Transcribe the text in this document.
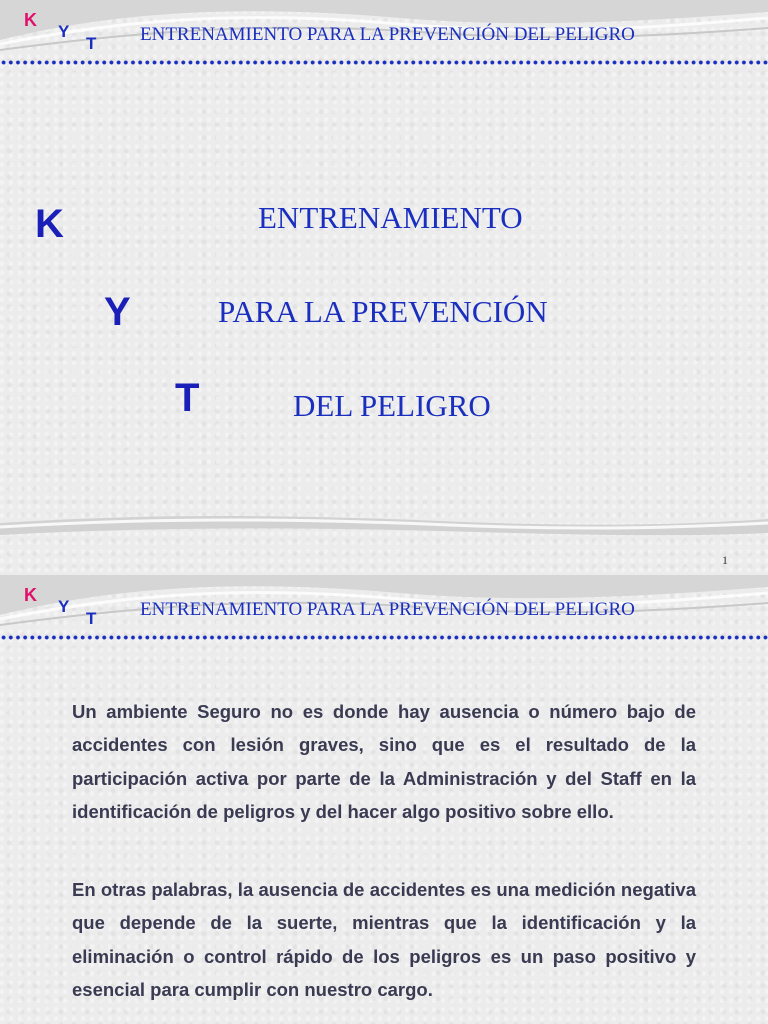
K
Y
T ENTRENAMIENTO PARA LA PREVENCIÓN DEL PELIGRO
K
Y
T
ENTRENAMIENTO
PARA LA PREVENCIÓN
DEL PELIGRO
1
K
Y
T ENTRENAMIENTO PARA LA PREVENCIÓN DEL PELIGRO

Un ambiente Seguro no es donde hay ausencia o número bajo de accidentes con lesión graves, sino que es el resultado de la participación activa por parte de la Administración y del Staff en la identificación de peligros y del hacer algo positivo sobre ello.

En otras palabras, la ausencia de accidentes es una medición negativa que depende de la suerte, mientras que la identificación y la eliminación o control rápido de los peligros es un paso positivo y esencial para cumplir con nuestro cargo.
